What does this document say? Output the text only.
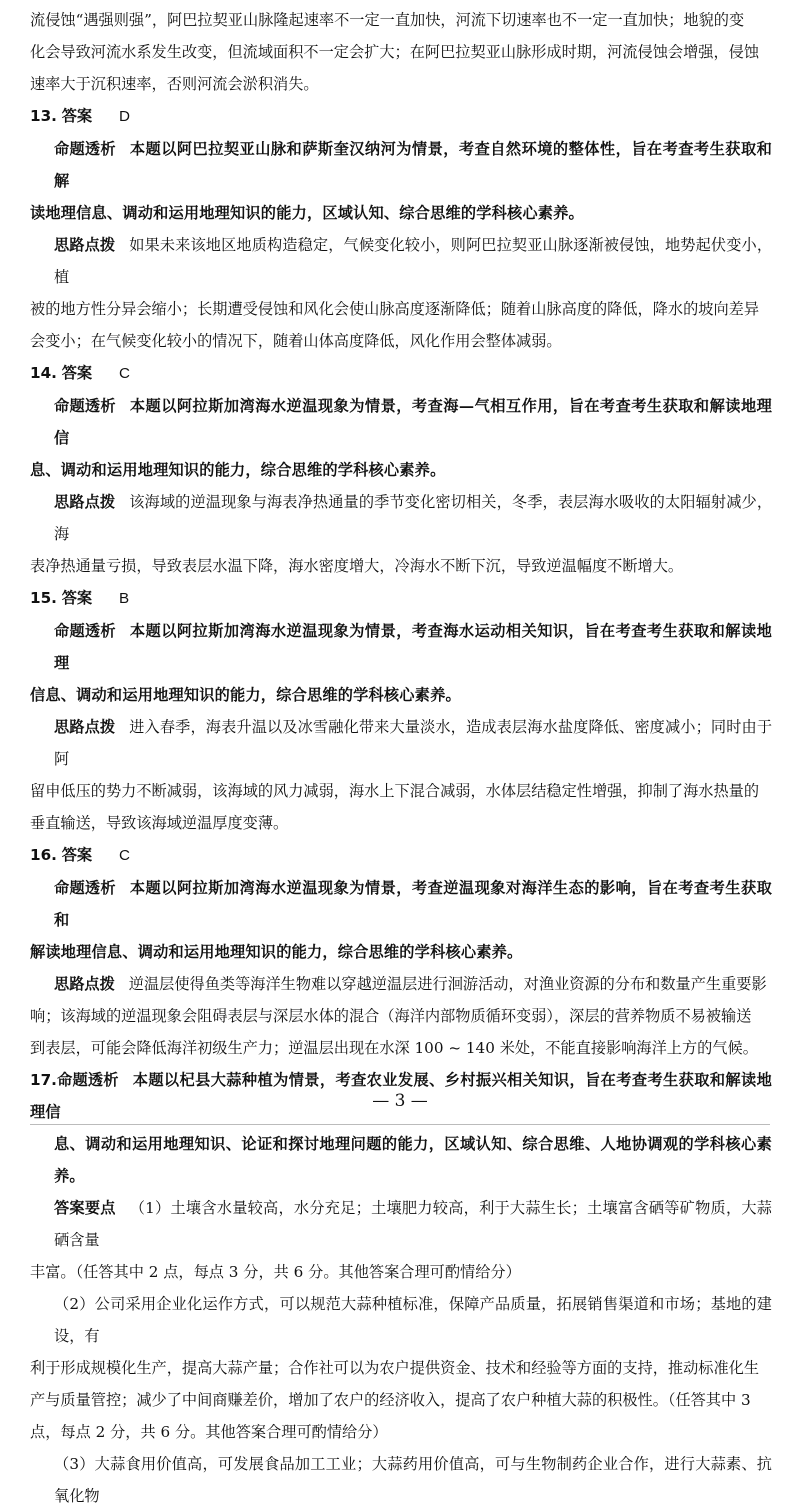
流侵蚀“遇强则强”，阿巴拉契亚山脉隆起速率不一定一直加快，河流下切速率也不一定一直加快；地貌的变
化会导致河流水系发生改变，但流域面积不一定会扩大；在阿巴拉契亚山脉形成时期，河流侵蚀会增强，侵蚀
速率大于沉积速率，否则河流会淤积消失。
13. 答案 D
命题透析 本题以阿巴拉契亚山脉和萨斯奎汉纳河为情景，考查自然环境的整体性，旨在考查考生获取和解
读地理信息、调动和运用地理知识的能力，区域认知、综合思维的学科核心素养。
思路点拨 如果未来该地区地质构造稳定，气候变化较小，则阿巴拉契亚山脉逐渐被侵蚀，地势起伏变小，植
被的地方性分异会缩小；长期遭受侵蚀和风化会使山脉高度逐渐降低；随着山脉高度的降低，降水的坡向差异
会变小；在气候变化较小的情况下，随着山体高度降低，风化作用会整体减弱。
14. 答案 C
命题透析 本题以阿拉斯加湾海水逆温现象为情景，考查海—气相互作用，旨在考查考生获取和解读地理信
息、调动和运用地理知识的能力，综合思维的学科核心素养。
思路点拨 该海域的逆温现象与海表净热通量的季节变化密切相关，冬季，表层海水吸收的太阳辐射减少，海
表净热通量亏损，导致表层水温下降，海水密度增大，冷海水不断下沉，导致逆温幅度不断增大。
15. 答案 B
命题透析 本题以阿拉斯加湾海水逆温现象为情景，考查海水运动相关知识，旨在考查考生获取和解读地理
信息、调动和运用地理知识的能力，综合思维的学科核心素养。
思路点拨 进入春季，海表升温以及冰雪融化带来大量淡水，造成表层海水盐度降低、密度减小；同时由于阿
留申低压的势力不断减弱，该海域的风力减弱，海水上下混合减弱，水体层结稳定性增强，抑制了海水热量的
垂直输送，导致该海域逆温厚度变薄。
16. 答案 C
命题透析 本题以阿拉斯加湾海水逆温现象为情景，考查逆温现象对海洋生态的影响，旨在考查考生获取和
解读地理信息、调动和运用地理知识的能力，综合思维的学科核心素养。
思路点拨 逆温层使得鱼类等海洋生物难以穿越逆温层进行洄游活动，对渔业资源的分布和数量产生重要影
响；该海域的逆温现象会阻碍表层与深层水体的混合（海洋内部物质循环变弱），深层的营养物质不易被输送
到表层，可能会降低海洋初级生产力；逆温层出现在水深 100 ~ 140 米处，不能直接影响海洋上方的气候。
17.命题透析 本题以杞县大蒜种植为情景，考查农业发展、乡村振兴相关知识，旨在考查考生获取和解读地理信
息、调动和运用地理知识、论证和探讨地理问题的能力，区域认知、综合思维、人地协调观的学科核心素养。
答案要点 （1）土壤含水量较高，水分充足；土壤肥力较高，利于大蒜生长；土壤富含硒等矿物质，大蒜硒含量
丰富。（任答其中 2 点，每点 3 分，共 6 分。其他答案合理可酌情给分）
（2）公司采用企业化运作方式，可以规范大蒜种植标准，保障产品质量，拓展销售渠道和市场；基地的建设，有
利于形成规模化生产，提高大蒜产量；合作社可以为农户提供资金、技术和经验等方面的支持，推动标准化生
产与质量管控；减少了中间商赚差价，增加了农户的经济收入，提高了农户种植大蒜的积极性。（任答其中 3
点，每点 2 分，共 6 分。其他答案合理可酌情给分）
（3）大蒜食用价值高，可发展食品加工工业；大蒜药用价值高，可与生物制药企业合作，进行大蒜素、抗氧化物
— 3 —
